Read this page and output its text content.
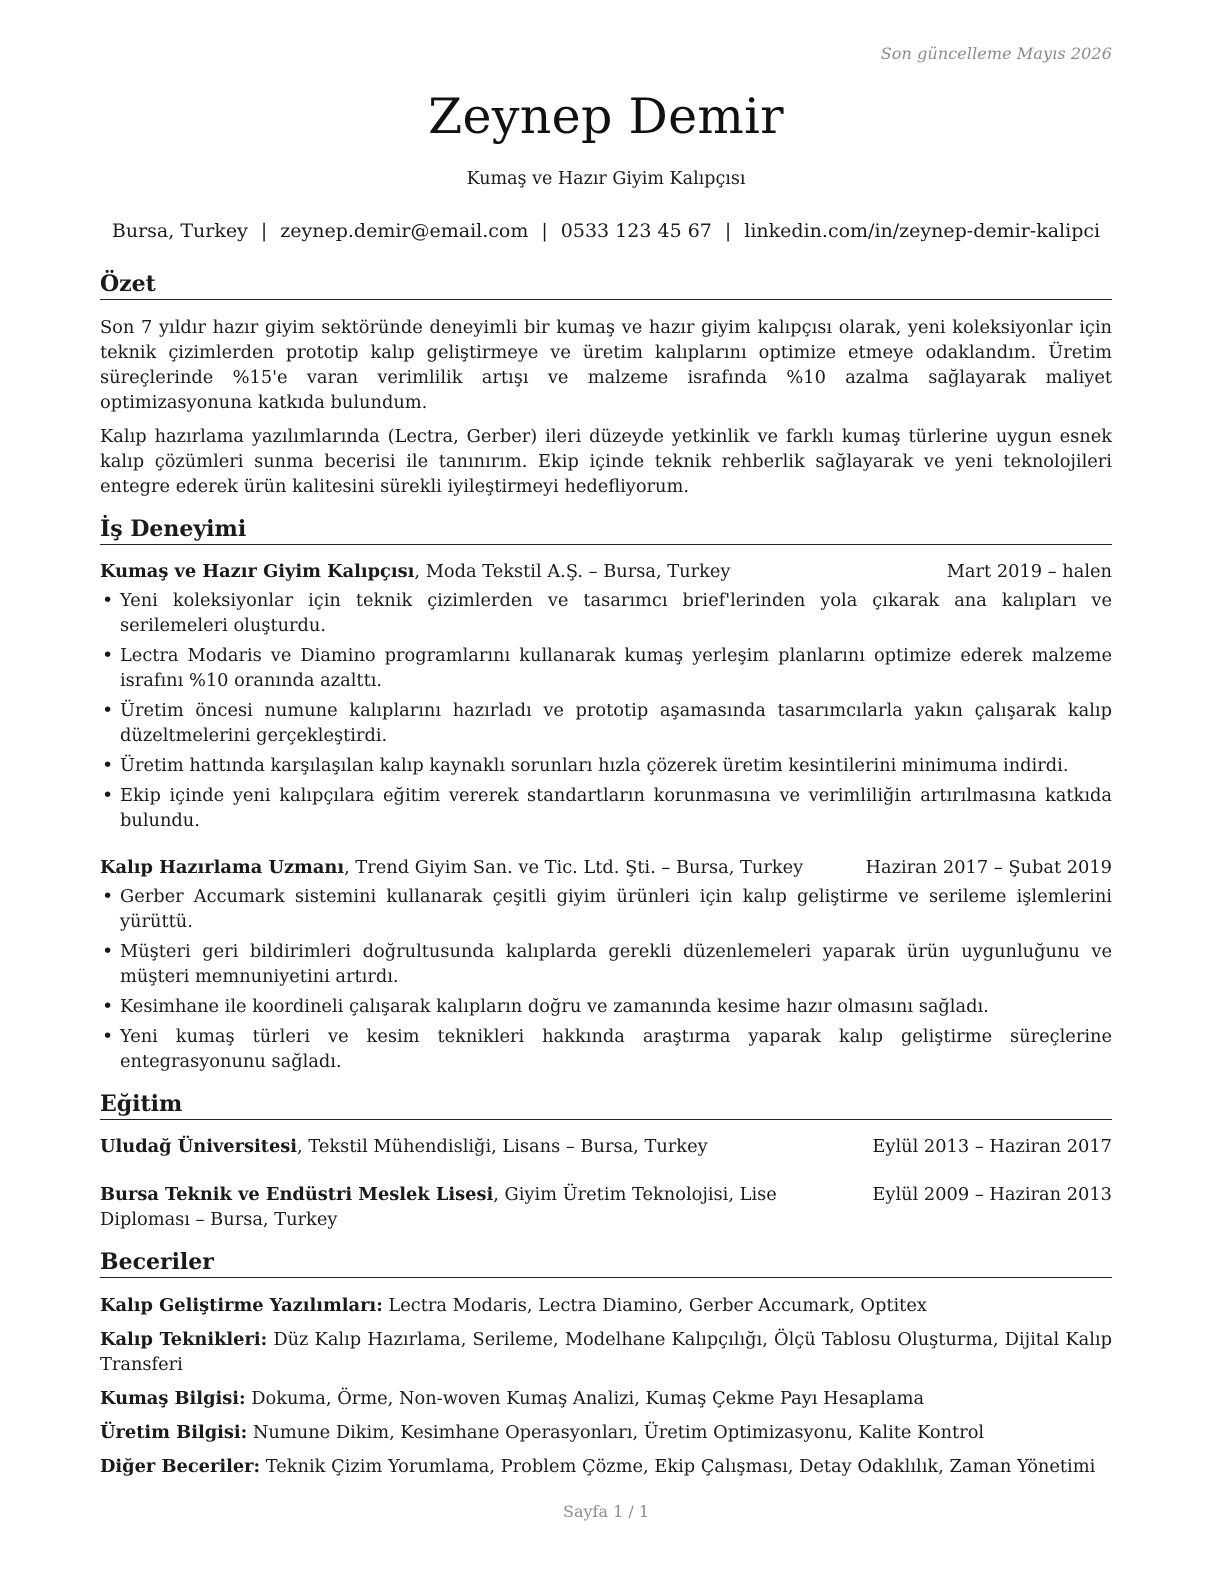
Son güncelleme Mayıs 2026
Zeynep Demir
Kumaş ve Hazır Giyim Kalıpçısı
Bursa, Turkey | zeynep.demir@email.com | 0533 123 45 67 | linkedin.com/in/zeynep-demir-kalipci
Özet

Son 7 yıldır hazır giyim sektöründe deneyimli bir kumaş ve hazır giyim kalıpçısı olarak, yeni koleksiyonlar için teknik çizimlerden prototip kalıp geliştirmeye ve üretim kalıplarını optimize etmeye odaklandım. Üretim süreçlerinde %15'e varan verimlilik artışı ve malzeme israfında %10 azalma sağlayarak maliyet optimizasyonuna katkıda bulundum.

Kalıp hazırlama yazılımlarında (Lectra, Gerber) ileri düzeyde yetkinlik ve farklı kumaş türlerine uygun esnek kalıp çözümleri sunma becerisi ile tanınırım. Ekip içinde teknik rehberlik sağlayarak ve yeni teknolojileri entegre ederek ürün kalitesini sürekli iyileştirmeyi hedefliyorum.

İş Deneyimi
Kumaş ve Hazır Giyim Kalıpçısı, Moda Tekstil A.Ş. – Bursa, Turkey	Mart 2019 – halen
• Yeni koleksiyonlar için teknik çizimlerden ve tasarımcı brief'lerinden yola çıkarak ana kalıpları ve serilemeleri oluşturdu.
• Lectra Modaris ve Diamino programlarını kullanarak kumaş yerleşim planlarını optimize ederek malzeme israfını %10 oranında azalttı.
• Üretim öncesi numune kalıplarını hazırladı ve prototip aşamasında tasarımcılarla yakın çalışarak kalıp düzeltmelerini gerçekleştirdi.
• Üretim hattında karşılaşılan kalıp kaynaklı sorunları hızla çözerek üretim kesintilerini minimuma indirdi.
• Ekip içinde yeni kalıpçılara eğitim vererek standartların korunmasına ve verimliliğin artırılmasına katkıda bulundu.
Kalıp Hazırlama Uzmanı, Trend Giyim San. ve Tic. Ltd. Şti. – Bursa, Turkey	Haziran 2017 – Şubat 2019
• Gerber Accumark sistemini kullanarak çeşitli giyim ürünleri için kalıp geliştirme ve serileme işlemlerini yürüttü.
• Müşteri geri bildirimleri doğrultusunda kalıplarda gerekli düzenlemeleri yaparak ürün uygunluğunu ve müşteri memnuniyetini artırdı.
• Kesimhane ile koordineli çalışarak kalıpların doğru ve zamanında kesime hazır olmasını sağladı.
• Yeni kumaş türleri ve kesim teknikleri hakkında araştırma yaparak kalıp geliştirme süreçlerine entegrasyonunu sağladı.
Eğitim
Uludağ Üniversitesi, Tekstil Mühendisliği, Lisans – Bursa, Turkey	Eylül 2013 – Haziran 2017
Bursa Teknik ve Endüstri Meslek Lisesi, Giyim Üretim Teknolojisi, Lise Diploması – Bursa, Turkey
Eylül 2009 – Haziran 2013
Beceriler

Kalıp Geliştirme Yazılımları: Lectra Modaris, Lectra Diamino, Gerber Accumark, Optitex

Kalıp Teknikleri: Düz Kalıp Hazırlama, Serileme, Modelhane Kalıpçılığı, Ölçü Tablosu Oluşturma, Dijital Kalıp Transferi

Kumaş Bilgisi: Dokuma, Örme, Non-woven Kumaş Analizi, Kumaş Çekme Payı Hesaplama

Üretim Bilgisi: Numune Dikim, Kesimhane Operasyonları, Üretim Optimizasyonu, Kalite Kontrol

Diğer Beceriler: Teknik Çizim Yorumlama, Problem Çözme, Ekip Çalışması, Detay Odaklılık, Zaman Yönetimi

Sayfa 1 / 1
